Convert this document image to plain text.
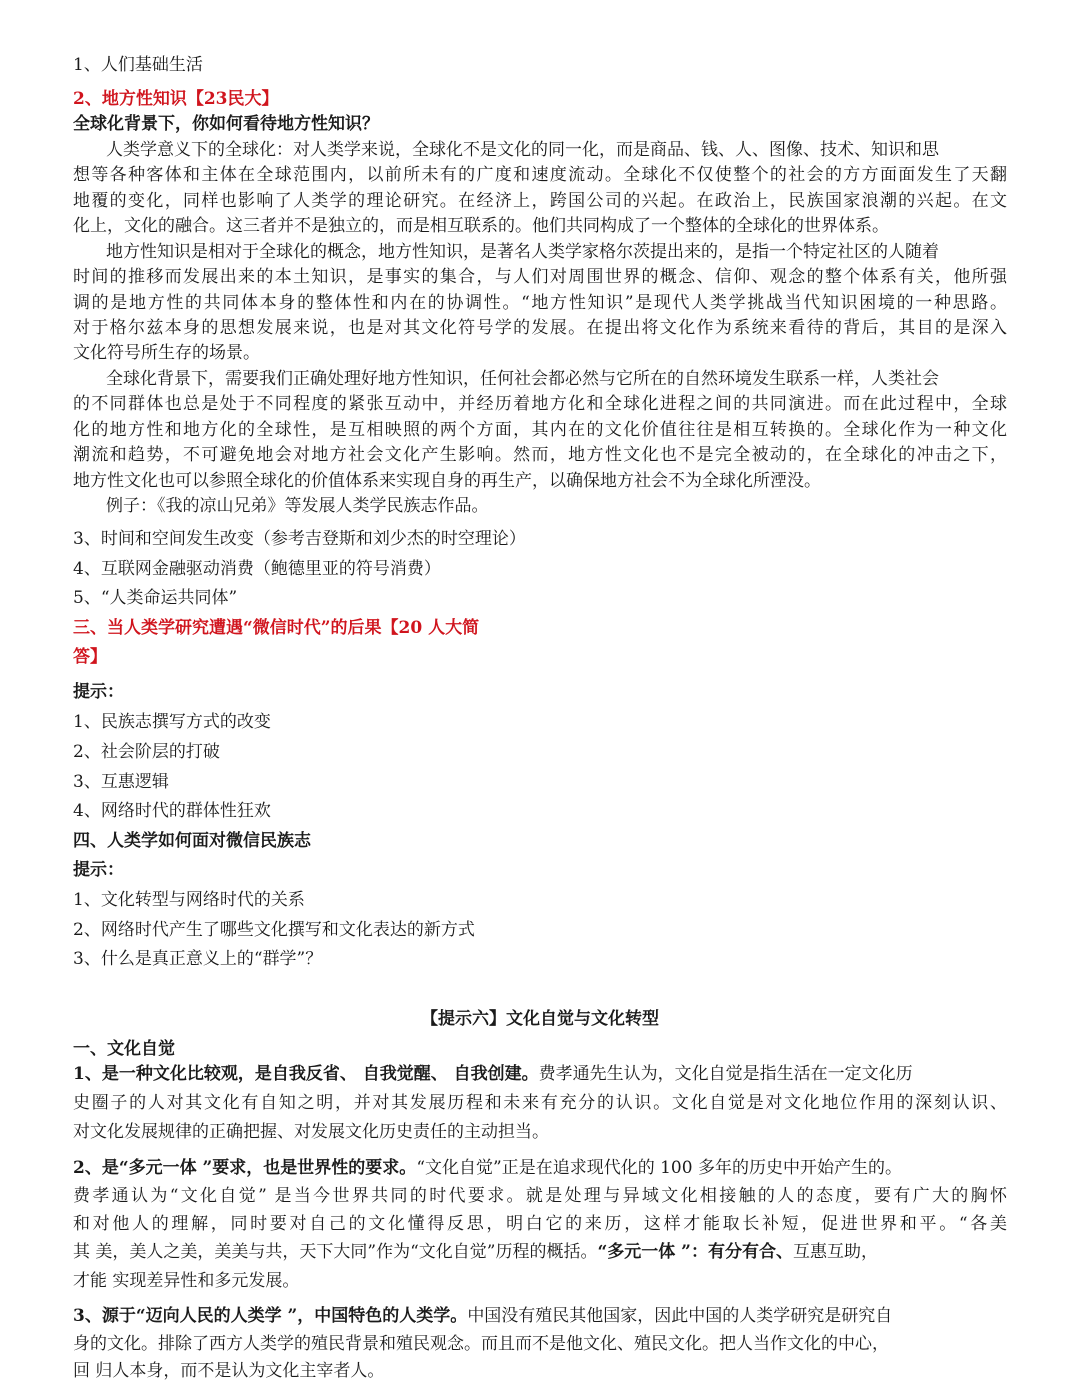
1、人们基础生活
2、地方性知识【23民大】
全球化背景下，你如何看待地方性知识？
人类学意义下的全球化：对人类学来说，全球化不是文化的同一化，而是商品、钱、人、图像、技术、知识和思
想等各种客体和主体在全球范围内，以前所未有的广度和速度流动。全球化不仅使整个的社会的方方面面发生了天翻
地覆的变化，同样也影响了人类学的理论研究。在经济上，跨国公司的兴起。在政治上，民族国家浪潮的兴起。在文
化上，文化的融合。这三者并不是独立的，而是相互联系的。他们共同构成了一个整体的全球化的世界体系。
地方性知识是相对于全球化的概念，地方性知识，是著名人类学家格尔茨提出来的，是指一个特定社区的人随着
时间的推移而发展出来的本土知识，是事实的集合，与人们对周围世界的概念、信仰、观念的整个体系有关，他所强
调的是地方性的共同体本身的整体性和内在的协调性。“地方性知识”是现代人类学挑战当代知识困境的一种思路。
对于格尔兹本身的思想发展来说，也是对其文化符号学的发展。在提出将文化作为系统来看待的背后，其目的是深入
文化符号所生存的场景。
全球化背景下，需要我们正确处理好地方性知识，任何社会都必然与它所在的自然环境发生联系一样，人类社会
的不同群体也总是处于不同程度的紧张互动中，并经历着地方化和全球化进程之间的共同演进。而在此过程中，全球
化的地方性和地方化的全球性，是互相映照的两个方面，其内在的文化价值往往是相互转换的。全球化作为一种文化
潮流和趋势，不可避免地会对地方社会文化产生影响。然而，地方性文化也不是完全被动的，在全球化的冲击之下，
地方性文化也可以参照全球化的价值体系来实现自身的再生产，以确保地方社会不为全球化所湮没。
例子：《我的凉山兄弟》等发展人类学民族志作品。
3、时间和空间发生改变（参考吉登斯和刘少杰的时空理论）
4、互联网金融驱动消费（鲍德里亚的符号消费）
5、“人类命运共同体”
三、当人类学研究遭遇“微信时代”的后果【20 人大简
答】
提示：
1、民族志撰写方式的改变
2、社会阶层的打破
3、互惠逻辑
4、网络时代的群体性狂欢
四、人类学如何面对微信民族志
提示：
1、文化转型与网络时代的关系
2、网络时代产生了哪些文化撰写和文化表达的新方式
3、什么是真正意义上的“群学”？
【提示六】文化自觉与文化转型
一、文化自觉
1、是一种文化比较观，是自我反省、 自我觉醒、 自我创建。费孝通先生认为，文化自觉是指生活在一定文化历
史圈子的人对其文化有自知之明，并对其发展历程和未来有充分的认识。文化自觉是对文化地位作用的深刻认识、
对文化发展规律的正确把握、对发展文化历史责任的主动担当。
2、是“多元一体 ”要求，也是世界性的要求。“文化自觉”正是在追求现代化的 100 多年的历史中开始产生的。
费孝通认为“文化自觉” 是当今世界共同的时代要求。就是处理与异域文化相接触的人的态度，要有广大的胸怀
和对他人的理解，同时要对自己的文化懂得反思，明白它的来历，这样才能取长补短，促进世界和平。“各美
其 美，美人之美，美美与共，天下大同”作为“文化自觉”历程的概括。“多元一体 ”：有分有合、互惠互助，
才能 实现差异性和多元发展。
3、源于“迈向人民的人类学 ”，中国特色的人类学。中国没有殖民其他国家，因此中国的人类学研究是研究自
身的文化。排除了西方人类学的殖民背景和殖民观念。而且而不是他文化、殖民文化。把人当作文化的中心，
回 归人本身，而不是认为文化主宰者人。
